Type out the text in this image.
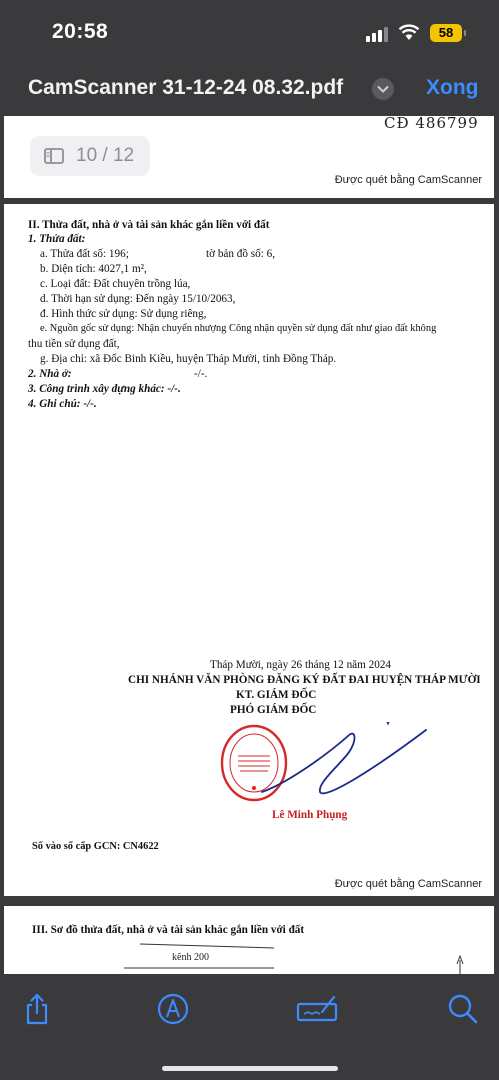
20:58	58
CamScanner 31-12-24 08.32.pdf	Xong
CĐ 486799
10 / 12
Được quét bằng CamScanner
II. Thửa đất, nhà ở và tài sản khác gắn liền với đất
1. Thửa đất:
a. Thửa đất số: 196;	tờ bản đồ số: 6,
b. Diện tích: 4027,1 m²,
c. Loại đất: Đất chuyên trồng lúa,
d. Thời hạn sử dụng: Đến ngày 15/10/2063,
đ. Hình thức sử dụng: Sử dụng riêng,
e. Nguồn gốc sử dụng: Nhận chuyển nhượng Công nhận quyền sử dụng đất như giao đất không
thu tiền sử dụng đất,
g. Địa chỉ: xã Đốc Binh Kiều, huyện Tháp Mười, tỉnh Đồng Tháp.
2. Nhà ở:	-/-.
3. Công trình xây dựng khác: -/-.
4. Ghi chú: -/-.
Tháp Mười, ngày 26 tháng 12 năm 2024
CHI NHÁNH VĂN PHÒNG ĐĂNG KÝ ĐẤT ĐAI HUYỆN THÁP MƯỜI
KT. GIÁM ĐỐC
PHÓ GIÁM ĐỐC
Lê Minh Phụng
Số vào sổ cấp GCN: CN4622
Được quét bằng CamScanner
III. Sơ đồ thửa đất, nhà ở và tài sản khác gắn liền với đất
kênh 200
